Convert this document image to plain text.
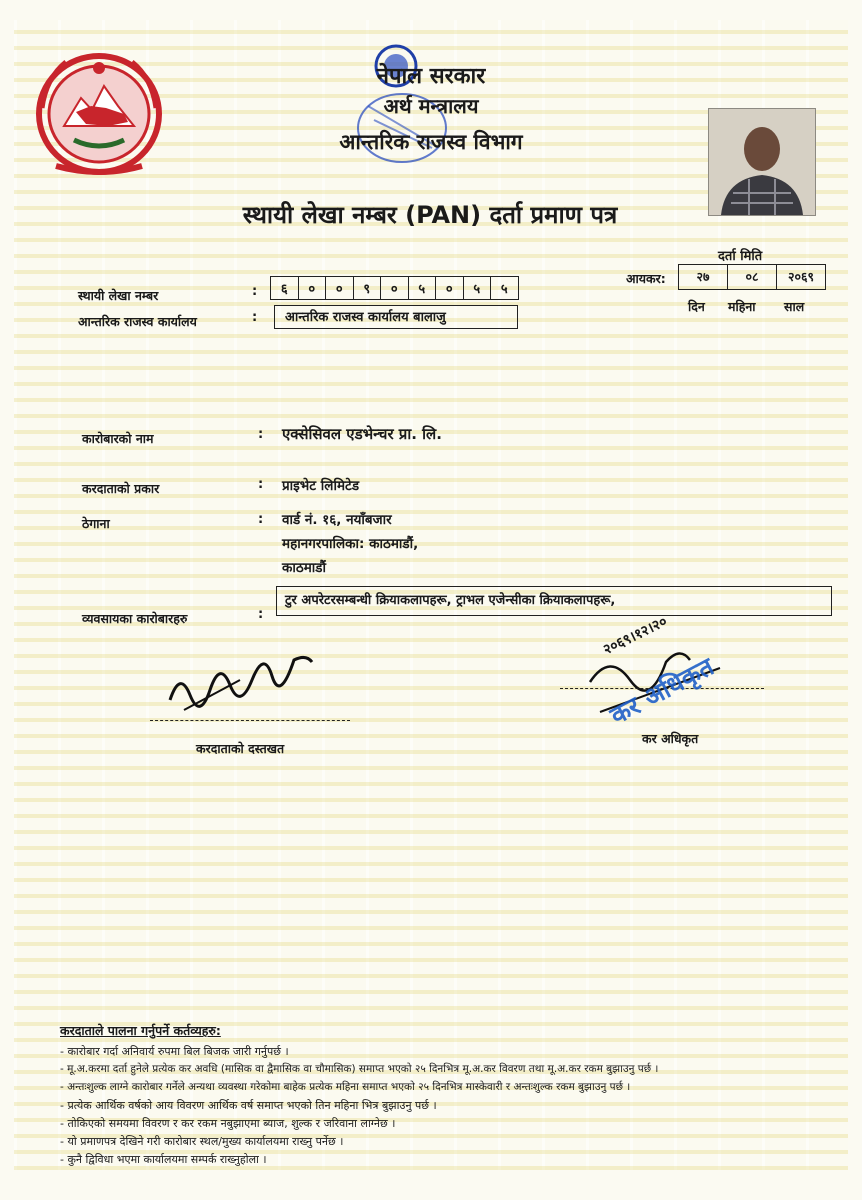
नेपाल सरकार
अर्थ मन्त्रालय
आन्तरिक राजस्व विभाग
स्थायी लेखा नम्बर (PAN) दर्ता प्रमाण पत्र
दर्ता मिति
आयकर:	२७	०८	२०६९
दिन महिना साल
स्थायी लेखा नम्बर	:	६	०	०	९	०	५	०	५	५
आन्तरिक राजस्व कार्यालय	:	आन्तरिक राजस्व कार्यालय बालाजु
कारोबारको नाम	: एक्सेसिवल एडभेन्चर प्रा. लि.
करदाताको प्रकार	: प्राइभेट लिमिटेड
ठेगाना	: वार्ड नं. १६, नयाँबजार
महानगरपालिका: काठमाडौं,
काठमाडौं
व्यवसायका कारोबारहरु	:
टुर अपरेटरसम्बन्धी क्रियाकलापहरू, ट्राभल एजेन्सीका क्रियाकलापहरू,
करदाताको दस्तखत
२०६९।१२।२०
कर अधिकृत
कर अधिकृत
करदाताले पालना गर्नुपर्ने कर्तव्यहरु:
- कारोबार गर्दा अनिवार्य रुपमा बिल बिजक जारी गर्नुपर्छ ।
- मू.अ.करमा दर्ता हुनेले प्रत्येक कर अवधि (मासिक वा द्वैमासिक वा चौमासिक) समाप्त भएको २५ दिनभित्र मू.अ.कर विवरण तथा मू.अ.कर रकम बुझाउनु पर्छ ।
- अन्तःशुल्क लाग्ने कारोबार गर्नेले अन्यथा व्यवस्था गरेकोमा बाहेक प्रत्येक महिना समाप्त भएको २५ दिनभित्र मास्केवारी र अन्तःशुल्क रकम बुझाउनु पर्छ ।
- प्रत्येक आर्थिक वर्षको आय विवरण आर्थिक वर्ष समाप्त भएको तिन महिना भित्र बुझाउनु पर्छ ।
- तोकिएको समयमा विवरण र कर रकम नबुझाएमा ब्याज, शुल्क र जरिवाना लाग्नेछ ।
- यो प्रमाणपत्र देखिने गरी कारोबार स्थल/मुख्य कार्यालयमा राख्नु पर्नेछ ।
- कुनै द्विविधा भएमा कार्यालयमा सम्पर्क राख्नुहोला ।
